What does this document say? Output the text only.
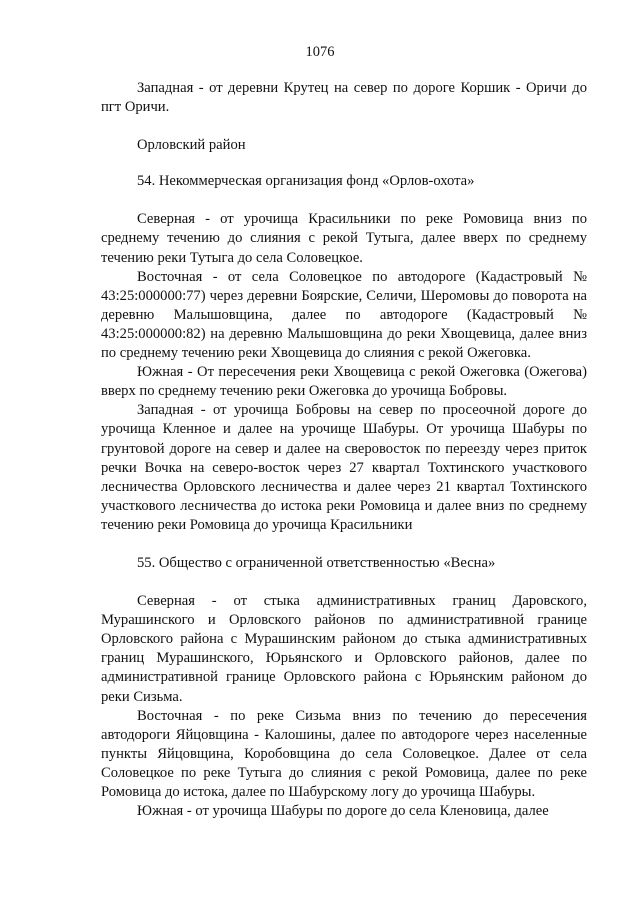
1076

Западная - от деревни Крутец на север по дороге Коршик - Оричи до пгт Оричи.

Орловский район

54. Некоммерческая организация фонд «Орлов-охота»

Северная - от урочища Красильники по реке Ромовица вниз по среднему течению до слияния с рекой Тутыга, далее вверх по среднему течению реки Тутыга до села Соловецкое.

Восточная - от села Соловецкое по автодороге (Кадастровый № 43:25:000000:77) через деревни Боярские, Селичи, Шеромовы до поворота на деревню Малышовщина, далее по автодороге (Кадастровый № 43:25:000000:82) на деревню Малышовщина до реки Хвощевица, далее вниз по среднему течению реки Хвощевица до слияния с рекой Ожеговка.

Южная - От пересечения реки Хвощевица с рекой Ожеговка (Ожегова) вверх по среднему течению реки Ожеговка до урочища Бобровы.

Западная - от урочища Бобровы на север по просеочной дороге до урочища Кленное и далее на урочище Шабуры. От урочища Шабуры по грунтовой дороге на север и далее на сверовосток по переезду через приток речки Вочка на северо-восток через 27 квартал Тохтинского участкового лесничества Орловского лесничества и далее через 21 квартал Тохтинского участкового лесничества до истока реки Ромовица и далее вниз по среднему течению реки Ромовица до урочища Красильники

55. Общество с ограниченной ответственностью «Весна»

Северная - от стыка административных границ Даровского, Мурашинского и Орловского районов по административной границе Орловского района с Мурашинским районом до стыка административных границ Мурашинского, Юрьянского и Орловского районов, далее по административной границе Орловского района с Юрьянским районом до реки Сизьма.

Восточная - по реке Сизьма вниз по течению до пересечения автодороги Яйцовщина - Калошины, далее по автодороге через населенные пункты Яйцовщина, Коробовщина до села Соловецкое. Далее от села Соловецкое по реке Тутыга до слияния с рекой Ромовица, далее по реке Ромовица до истока, далее по Шабурскому логу до урочища Шабуры.

Южная - от урочища Шабуры по дороге до села Кленовица, далее
